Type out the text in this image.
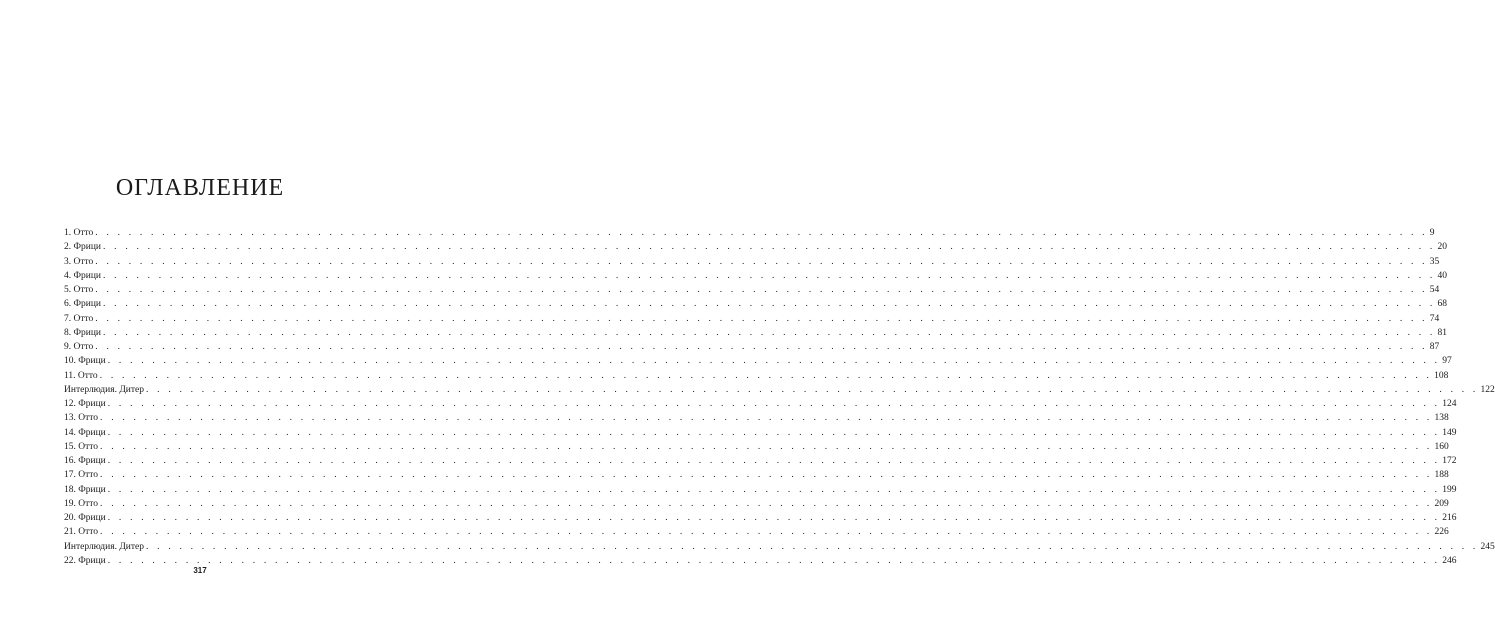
ОГЛАВЛЕНИЕ
1. Отто . . . . . . . . . . . . . . . . . . . . . . . . . . . . . . . . . . . . . . . . . . . . . . . . . . . . . . . . . . . . . . . . . . . . . . . . . . . . . . . . . . . . . . . . . . . . . . . . . . . . . . . . . . . . . . . . . . . . . . . . 9
2. Фрици . . . . . . . . . . . . . . . . . . . . . . . . . . . . . . . . . . . . . . . . . . . . . . . . . . . . . . . . . . . . . . . . . . . . . . . . . . . . . . . . . . . . . . . . . . . . . . . . . . . . . . . . . . . . . . . . . . . . . . . . 20
3. Отто . . . . . . . . . . . . . . . . . . . . . . . . . . . . . . . . . . . . . . . . . . . . . . . . . . . . . . . . . . . . . . . . . . . . . . . . . . . . . . . . . . . . . . . . . . . . . . . . . . . . . . . . . . . . . . . . . . . . . . . . 35
4. Фрици . . . . . . . . . . . . . . . . . . . . . . . . . . . . . . . . . . . . . . . . . . . . . . . . . . . . . . . . . . . . . . . . . . . . . . . . . . . . . . . . . . . . . . . . . . . . . . . . . . . . . . . . . . . . . . . . . . . . . . . . 40
5. Отто . . . . . . . . . . . . . . . . . . . . . . . . . . . . . . . . . . . . . . . . . . . . . . . . . . . . . . . . . . . . . . . . . . . . . . . . . . . . . . . . . . . . . . . . . . . . . . . . . . . . . . . . . . . . . . . . . . . . . . . . 54
6. Фрици . . . . . . . . . . . . . . . . . . . . . . . . . . . . . . . . . . . . . . . . . . . . . . . . . . . . . . . . . . . . . . . . . . . . . . . . . . . . . . . . . . . . . . . . . . . . . . . . . . . . . . . . . . . . . . . . . . . . . . . . 68
7. Отто . . . . . . . . . . . . . . . . . . . . . . . . . . . . . . . . . . . . . . . . . . . . . . . . . . . . . . . . . . . . . . . . . . . . . . . . . . . . . . . . . . . . . . . . . . . . . . . . . . . . . . . . . . . . . . . . . . . . . . . . 74
8. Фрици . . . . . . . . . . . . . . . . . . . . . . . . . . . . . . . . . . . . . . . . . . . . . . . . . . . . . . . . . . . . . . . . . . . . . . . . . . . . . . . . . . . . . . . . . . . . . . . . . . . . . . . . . . . . . . . . . . . . . . . . 81
9. Отто . . . . . . . . . . . . . . . . . . . . . . . . . . . . . . . . . . . . . . . . . . . . . . . . . . . . . . . . . . . . . . . . . . . . . . . . . . . . . . . . . . . . . . . . . . . . . . . . . . . . . . . . . . . . . . . . . . . . . . . . 87
10. Фрици . . . . . . . . . . . . . . . . . . . . . . . . . . . . . . . . . . . . . . . . . . . . . . . . . . . . . . . . . . . . . . . . . . . . . . . . . . . . . . . . . . . . . . . . . . . . . . . . . . . . . . . . . . . . . . . . . . . . . . . . 97
11. Отто . . . . . . . . . . . . . . . . . . . . . . . . . . . . . . . . . . . . . . . . . . . . . . . . . . . . . . . . . . . . . . . . . . . . . . . . . . . . . . . . . . . . . . . . . . . . . . . . . . . . . . . . . . . . . . . . . . . . . . . . 108
Интерлюдия. Дитер . . . . . . . . . . . . . . . . . . . . . . . . . . . . . . . . . . . . . . . . . . . . . . . . . . . . . . . . . . . . . . . . . . . . . . . . . . . . . . . . . . . . . . . . . . . . . . . . . . . . . . . . . . . . . . . . . . . . . . . . 122
12. Фрици . . . . . . . . . . . . . . . . . . . . . . . . . . . . . . . . . . . . . . . . . . . . . . . . . . . . . . . . . . . . . . . . . . . . . . . . . . . . . . . . . . . . . . . . . . . . . . . . . . . . . . . . . . . . . . . . . . . . . . . . 124
13. Отто . . . . . . . . . . . . . . . . . . . . . . . . . . . . . . . . . . . . . . . . . . . . . . . . . . . . . . . . . . . . . . . . . . . . . . . . . . . . . . . . . . . . . . . . . . . . . . . . . . . . . . . . . . . . . . . . . . . . . . . . 138
14. Фрици . . . . . . . . . . . . . . . . . . . . . . . . . . . . . . . . . . . . . . . . . . . . . . . . . . . . . . . . . . . . . . . . . . . . . . . . . . . . . . . . . . . . . . . . . . . . . . . . . . . . . . . . . . . . . . . . . . . . . . . . 149
15. Отто . . . . . . . . . . . . . . . . . . . . . . . . . . . . . . . . . . . . . . . . . . . . . . . . . . . . . . . . . . . . . . . . . . . . . . . . . . . . . . . . . . . . . . . . . . . . . . . . . . . . . . . . . . . . . . . . . . . . . . . . 160
16. Фрици . . . . . . . . . . . . . . . . . . . . . . . . . . . . . . . . . . . . . . . . . . . . . . . . . . . . . . . . . . . . . . . . . . . . . . . . . . . . . . . . . . . . . . . . . . . . . . . . . . . . . . . . . . . . . . . . . . . . . . . . 172
17. Отто . . . . . . . . . . . . . . . . . . . . . . . . . . . . . . . . . . . . . . . . . . . . . . . . . . . . . . . . . . . . . . . . . . . . . . . . . . . . . . . . . . . . . . . . . . . . . . . . . . . . . . . . . . . . . . . . . . . . . . . . 188
18. Фрици . . . . . . . . . . . . . . . . . . . . . . . . . . . . . . . . . . . . . . . . . . . . . . . . . . . . . . . . . . . . . . . . . . . . . . . . . . . . . . . . . . . . . . . . . . . . . . . . . . . . . . . . . . . . . . . . . . . . . . . . 199
19. Отто . . . . . . . . . . . . . . . . . . . . . . . . . . . . . . . . . . . . . . . . . . . . . . . . . . . . . . . . . . . . . . . . . . . . . . . . . . . . . . . . . . . . . . . . . . . . . . . . . . . . . . . . . . . . . . . . . . . . . . . . 209
20. Фрици . . . . . . . . . . . . . . . . . . . . . . . . . . . . . . . . . . . . . . . . . . . . . . . . . . . . . . . . . . . . . . . . . . . . . . . . . . . . . . . . . . . . . . . . . . . . . . . . . . . . . . . . . . . . . . . . . . . . . . . . 216
21. Отто . . . . . . . . . . . . . . . . . . . . . . . . . . . . . . . . . . . . . . . . . . . . . . . . . . . . . . . . . . . . . . . . . . . . . . . . . . . . . . . . . . . . . . . . . . . . . . . . . . . . . . . . . . . . . . . . . . . . . . . . 226
Интерлюдия. Дитер . . . . . . . . . . . . . . . . . . . . . . . . . . . . . . . . . . . . . . . . . . . . . . . . . . . . . . . . . . . . . . . . . . . . . . . . . . . . . . . . . . . . . . . . . . . . . . . . . . . . . . . . . . . . . . . . . . . . . . . . 245
22. Фрици . . . . . . . . . . . . . . . . . . . . . . . . . . . . . . . . . . . . . . . . . . . . . . . . . . . . . . . . . . . . . . . . . . . . . . . . . . . . . . . . . . . . . . . . . . . . . . . . . . . . . . . . . . . . . . . . . . . . . . . . 246
317
